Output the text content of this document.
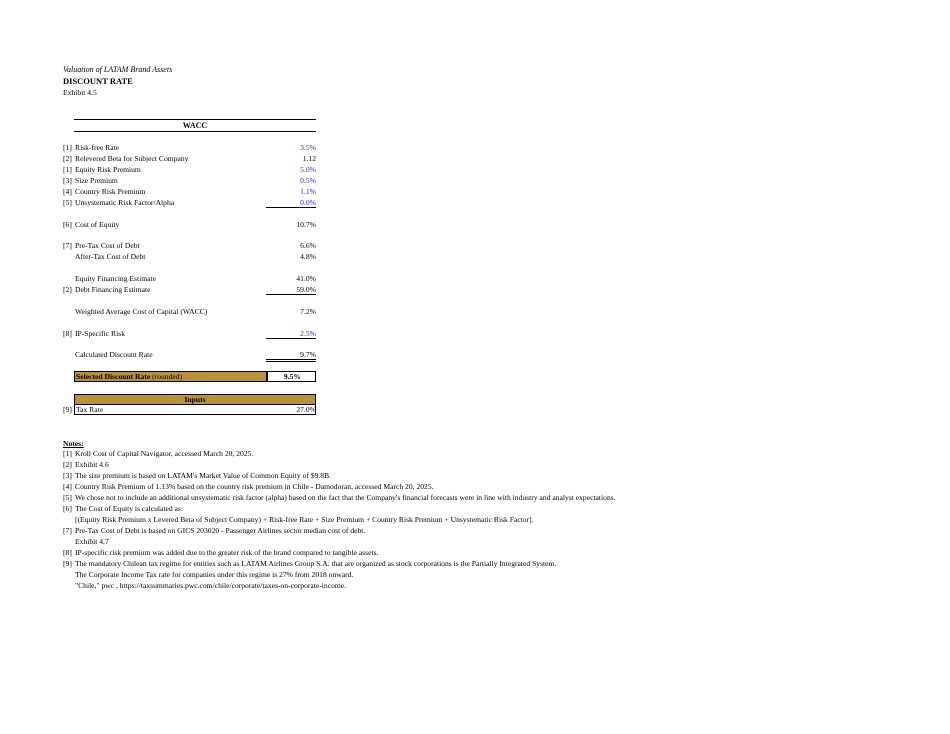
Valuation of LATAM Brand Assets
DISCOUNT RATE
Exhibit 4.5
WACC
[1] Risk-free Rate	3.5%
[2] Relevered Beta for Subject Company	1.12
[1] Equity Risk Premium	5.0%
[3] Size Premium	0.5%
[4] Country Risk Premium	1.1%
[5] Unsystematic Risk Factor/Alpha	0.0%
[6] Cost of Equity	10.7%
[7] Pre-Tax Cost of Debt	6.6%
After-Tax Cost of Debt	4.8%
Equity Financing Estimate	41.0%
[2] Debt Financing Estimate	59.0%
Weighted Average Cost of Capital (WACC)	7.2%
[8] IP-Specific Risk	2.5%
Calculated Discount Rate	9.7%
Selected Discount Rate (rounded)	9.5%
Inputs
[9] Tax Rate	27.0%
Notes:
[1] Kroll Cost of Capital Navigator, accessed March 20, 2025.
[2] Exhibit 4.6
[3] The size premium is based on LATAM's Market Value of Common Equity of $9.8B.
[4] Country Risk Premium of 1.13% based on the country risk premium in Chile - Damodoran, accessed March 20, 2025.
[5] We chose not to include an additional unsystematic risk factor (alpha) based on the fact that the Company's financial forecasts were in line with industry and analyst expectations.
[6] The Cost of Equity is calculated as:
[(Equity Risk Premium x Levered Beta of Subject Company) + Risk-free Rate + Size Premium + Country Risk Premium + Unsystematic Risk Factor].
[7] Pre-Tax Cost of Debt is based on GICS 203020 - Passenger Airlines sector median cost of debt.
Exhibit 4.7
[8] IP-specific risk premium was added due to the greater risk of the brand compared to tangible assets.
[9] The mandatory Chilean tax regime for entities such as LATAM Airlines Group S.A. that are organized as stock corporations is the Partially Integrated System.
The Corporate Income Tax rate for companies under this regime is 27% from 2018 onward.
"Chile," pwc , https://taxsummaries.pwc.com/chile/corporate/taxes-on-corporate-income.
